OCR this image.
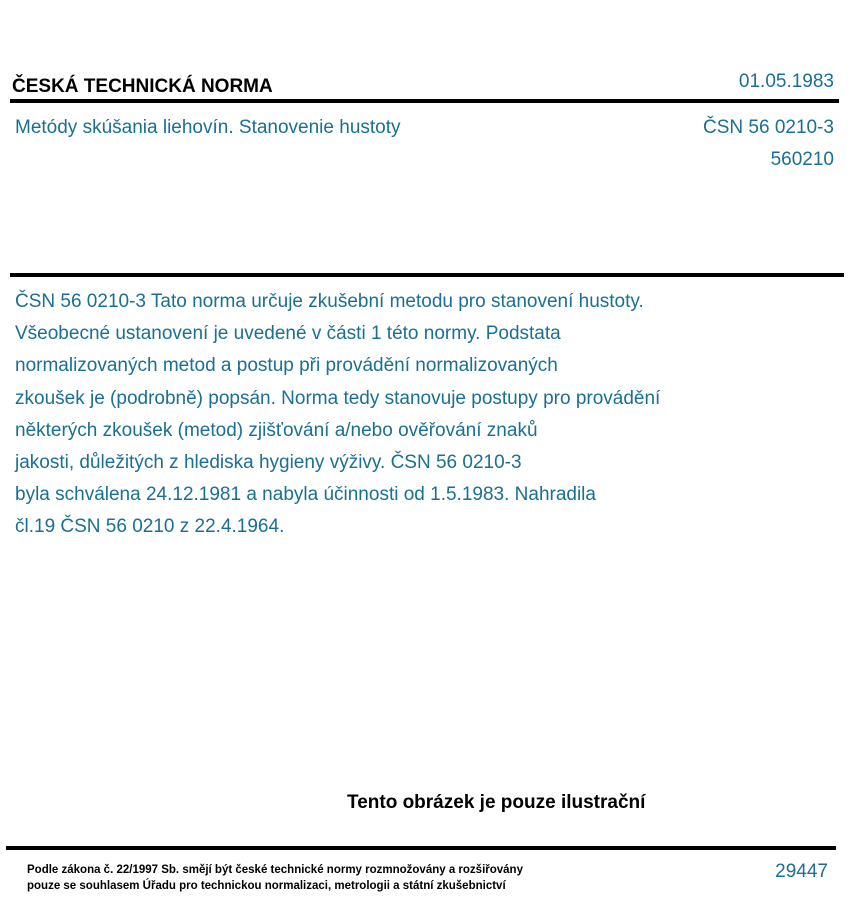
ČESKÁ TECHNICKÁ NORMA	01.05.1983
Metódy skúšania liehovín. Stanovenie hustoty	ČSN 56 0210-3
560210
ČSN 56 0210-3 Tato norma určuje zkušební metodu pro stanovení hustoty.
Všeobecné ustanovení je uvedené v části 1 této normy. Podstata
normalizovaných metod a postup při provádění normalizovaných
zkoušek je (podrobně) popsán. Norma tedy stanovuje postupy pro provádění
některých zkoušek (metod) zjišťování a/nebo ověřování znaků
jakosti, důležitých z hlediska hygieny výživy. ČSN 56 0210-3
byla schválena 24.12.1981 a nabyla účinnosti od 1.5.1983. Nahradila
čl.19 ČSN 56 0210 z 22.4.1964.
Tento obrázek je pouze ilustrační
Podle zákona č. 22/1997 Sb. smějí být české technické normy rozmnožovány a rozšiřovány
pouze se souhlasem Úřadu pro technickou normalizaci, metrologii a státní zkušebnictví
29447
